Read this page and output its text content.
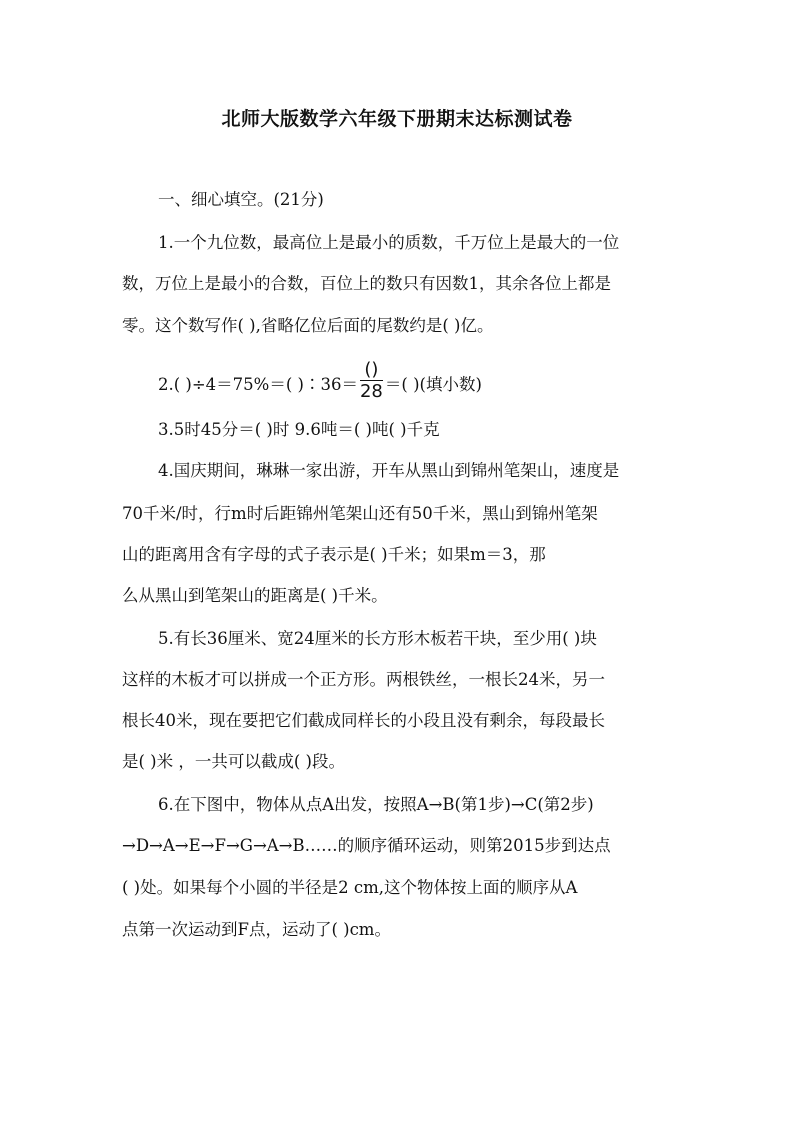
北师大版数学六年级下册期末达标测试卷
一、细心填空。(21分)
1.一个九位数，最高位上是最小的质数，千万位上是最大的一位
数，万位上是最小的合数，百位上的数只有因数1，其余各位上都是
零。这个数写作( ),省略亿位后面的尾数约是( )亿。
2.( )÷4＝75%＝( )∶36＝ $\frac{()}{28}$ ＝( )(填小数)
3.5时45分＝( )时 9.6吨＝( )吨( )千克
4.国庆期间，琳琳一家出游，开车从黑山到锦州笔架山，速度是
70千米/时，行m时后距锦州笔架山还有50千米，黑山到锦州笔架
山的距离用含有字母的式子表示是( )千米；如果m＝3，那
么从黑山到笔架山的距离是( )千米。
5.有长36厘米、宽24厘米的长方形木板若干块，至少用( )块
这样的木板才可以拼成一个正方形。两根铁丝，一根长24米，另一
根长40米，现在要把它们截成同样长的小段且没有剩余，每段最长
是( )米 ，一共可以截成( )段。
6.在下图中，物体从点A出发，按照A→B(第1步)→C(第2步)
→D→A→E→F→G→A→B……的顺序循环运动，则第2015步到达点
( )处。如果每个小圆的半径是2 cm,这个物体按上面的顺序从A
点第一次运动到F点，运动了( )cm。
